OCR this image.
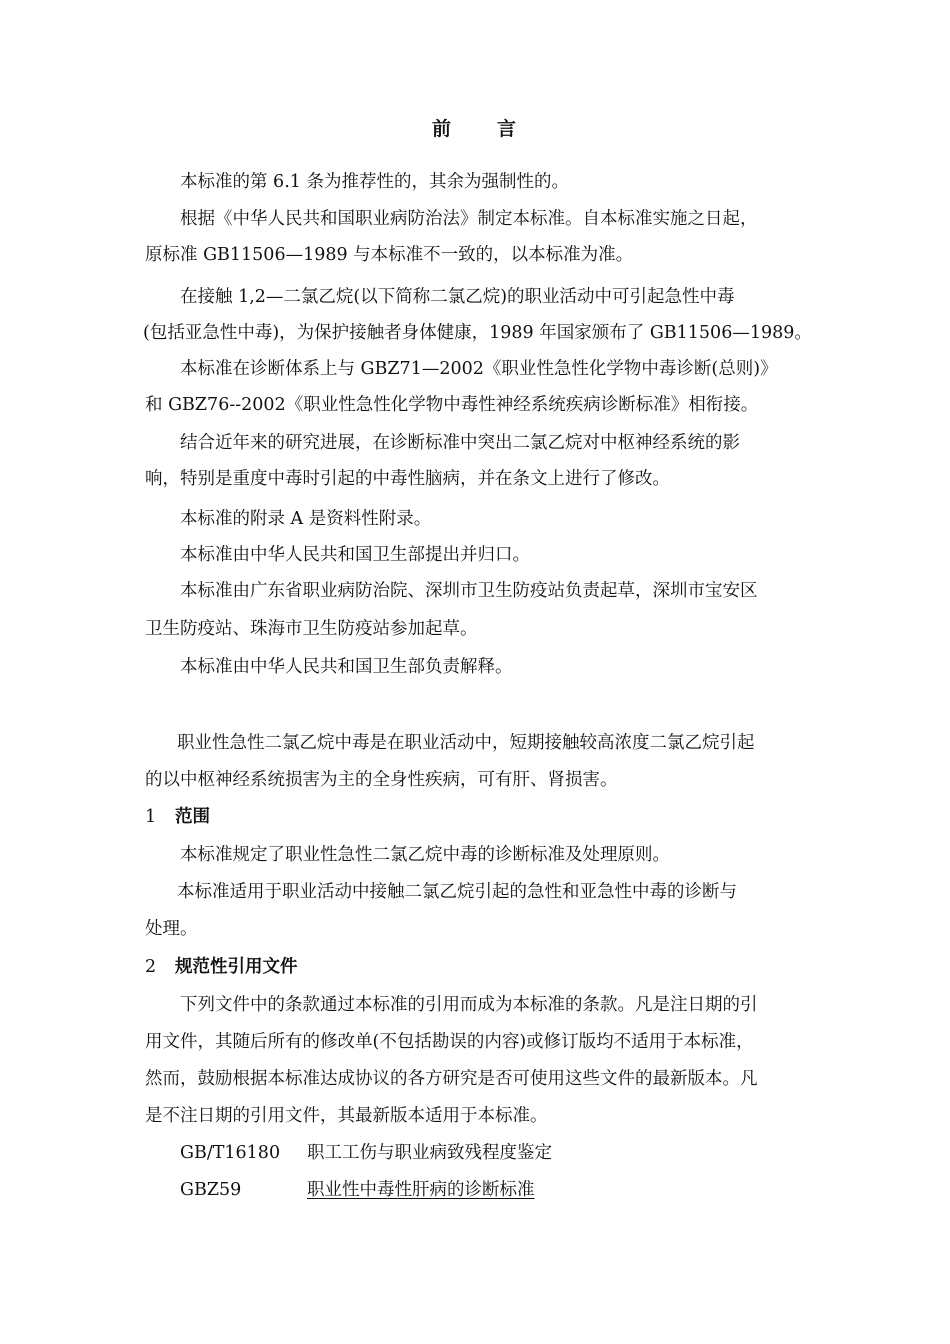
前 言
本标准的第 6.1 条为推荐性的，其余为强制性的。
根据《中华人民共和国职业病防治法》制定本标准。自本标准实施之日起，
原标准 GB11506—1989 与本标准不一致的，以本标准为准。
在接触 1,2—二氯乙烷(以下简称二氯乙烷)的职业活动中可引起急性中毒
(包括亚急性中毒)，为保护接触者身体健康，1989 年国家颁布了 GB11506—1989。
本标准在诊断体系上与 GBZ71—2002《职业性急性化学物中毒诊断(总则)》
和 GBZ76--2002《职业性急性化学物中毒性神经系统疾病诊断标准》相衔接。
结合近年来的研究进展，在诊断标准中突出二氯乙烷对中枢神经系统的影
响，特别是重度中毒时引起的中毒性脑病，并在条文上进行了修改。
本标准的附录 A 是资料性附录。
本标准由中华人民共和国卫生部提出并归口。
本标准由广东省职业病防治院、深圳市卫生防疫站负责起草，深圳市宝安区
卫生防疫站、珠海市卫生防疫站参加起草。
本标准由中华人民共和国卫生部负责解释。
职业性急性二氯乙烷中毒是在职业活动中，短期接触较高浓度二氯乙烷引起
的以中枢神经系统损害为主的全身性疾病，可有肝、肾损害。
1 范围
本标准规定了职业性急性二氯乙烷中毒的诊断标准及处理原则。
本标准适用于职业活动中接触二氯乙烷引起的急性和亚急性中毒的诊断与
处理。
2 规范性引用文件
下列文件中的条款通过本标准的引用而成为本标准的条款。凡是注日期的引
用文件，其随后所有的修改单(不包括勘误的内容)或修订版均不适用于本标准，
然而，鼓励根据本标准达成协议的各方研究是否可使用这些文件的最新版本。凡
是不注日期的引用文件，其最新版本适用于本标准。
GB/T16180 职工工伤与职业病致残程度鉴定
GBZ59	职业性中毒性肝病的诊断标准
